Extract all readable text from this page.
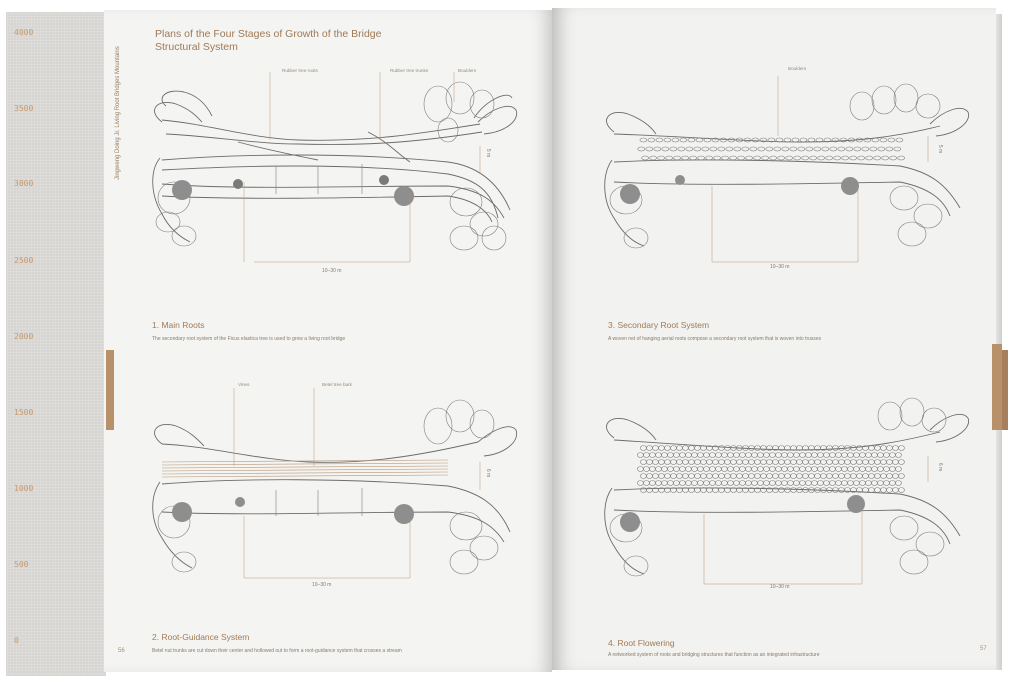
4000
3500
3000
2500
2000
1500
1000
500
0
Jingweng Doing Jr. Living Root Bridges Mountains
Plans of the Four Stages of Growth of the Bridge Structural System
Rubber tree roots	Rubber tree trunks	Boulders
10–30 m
5 m
1. Main Roots
The secondary root system of the Ficus elastica tree is used to grow a living root bridge
Vines	Betel tree bark
10–30 m
6 m
2. Root-Guidance System
Betel nut trunks are cut down their center and hollowed out to form a root-guidance system that crosses a stream
56
Boulders
10–30 m
5 m
3. Secondary Root System
A woven net of hanging aerial roots compose a secondary root system that is woven into trusses
10–30 m
6 m
4. Root Flowering
A networked system of roots and bridging structures that function as an integrated infrastructure
57
